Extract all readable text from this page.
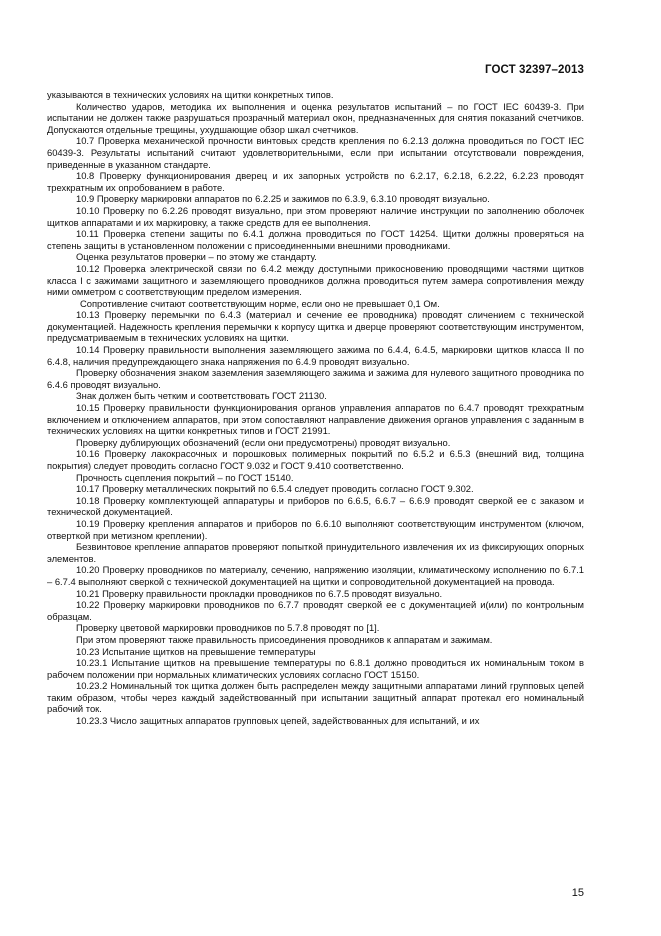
ГОСТ 32397–2013

указываются в технических условиях на щитки конкретных типов.

Количество ударов, методика их выполнения и оценка результатов испытаний – по ГОСТ IEC 60439-3. При испытании не должен также разрушаться прозрачный материал окон, предназначенных для снятия показаний счетчиков. Допускаются отдельные трещины, ухудшающие обзор шкал счетчиков.

10.7 Проверка механической прочности винтовых средств крепления по 6.2.13 должна проводиться по ГОСТ IEC 60439-3. Результаты испытаний считают удовлетворительными, если при испытании отсутствовали повреждения, приведенные в указанном стандарте.

10.8 Проверку функционирования дверец и их запорных устройств по 6.2.17, 6.2.18, 6.2.22, 6.2.23 проводят трехкратным их опробованием в работе.

10.9 Проверку маркировки аппаратов по 6.2.25 и зажимов по 6.3.9, 6.3.10 проводят визуально.

10.10 Проверку по 6.2.26 проводят визуально, при этом проверяют наличие инструкции по заполнению оболочек щитков аппаратами и их маркировку, а также средств для ее выполнения.

10.11 Проверка степени защиты по 6.4.1 должна проводиться по ГОСТ 14254. Щитки должны проверяться на степень защиты в установленном положении с присоединенными внешними проводниками.

Оценка результатов проверки – по этому же стандарту.

10.12 Проверка электрической связи по 6.4.2 между доступными прикосновению проводящими частями щитков класса I с зажимами защитного и заземляющего проводников должна проводиться путем замера сопротивления между ними омметром с соответствующим пределом измерения.

Сопротивление считают соответствующим норме, если оно не превышает 0,1 Ом.

10.13 Проверку перемычки по 6.4.3 (материал и сечение ее проводника) проводят сличением с технической документацией. Надежность крепления перемычки к корпусу щитка и дверце проверяют соответствующим инструментом, предусматриваемым в технических условиях на щитки.

10.14 Проверку правильности выполнения заземляющего зажима по 6.4.4, 6.4.5, маркировки щитков класса II по 6.4.8, наличия предупреждающего знака напряжения по 6.4.9 проводят визуально.

Проверку обозначения знаком заземления заземляющего зажима и зажима для нулевого защитного проводника по 6.4.6 проводят визуально.

Знак должен быть четким и соответствовать ГОСТ 21130.

10.15 Проверку правильности функционирования органов управления аппаратов по 6.4.7 проводят трехкратным включением и отключением аппаратов, при этом сопоставляют направление движения органов управления с заданным в технических условиях на щитки конкретных типов и ГОСТ 21991.

Проверку дублирующих обозначений (если они предусмотрены) проводят визуально.

10.16 Проверку лакокрасочных и порошковых полимерных покрытий по 6.5.2 и 6.5.3 (внешний вид, толщина покрытия) следует проводить согласно ГОСТ 9.032 и ГОСТ 9.410 соответственно.

Прочность сцепления покрытий – по ГОСТ 15140.

10.17 Проверку металлических покрытий по 6.5.4 следует проводить согласно ГОСТ 9.302.

10.18 Проверку комплектующей аппаратуры и приборов по 6.6.5, 6.6.7 – 6.6.9 проводят сверкой ее с заказом и технической документацией.

10.19 Проверку крепления аппаратов и приборов по 6.6.10 выполняют соответствующим инструментом (ключом, отверткой при метизном креплении).

Безвинтовое крепление аппаратов проверяют попыткой принудительного извлечения их из фиксирующих опорных элементов.

10.20 Проверку проводников по материалу, сечению, напряжению изоляции, климатическому исполнению по 6.7.1 – 6.7.4 выполняют сверкой с технической документацией на щитки и сопроводительной документацией на провода.

10.21 Проверку правильности прокладки проводников по 6.7.5 проводят визуально.

10.22 Проверку маркировки проводников по 6.7.7 проводят сверкой ее с документацией и(или) по контрольным образцам.

Проверку цветовой маркировки проводников по 5.7.8 проводят по [1].

При этом проверяют также правильность присоединения проводников к аппаратам и зажимам.

10.23 Испытание щитков на превышение температуры

10.23.1 Испытание щитков на превышение температуры по 6.8.1 должно проводиться их номинальным током в рабочем положении при нормальных климатических условиях согласно ГОСТ 15150.

10.23.2 Номинальный ток щитка должен быть распределен между защитными аппаратами линий групповых цепей таким образом, чтобы через каждый задействованный при испытании защитный аппарат протекал его номинальный рабочий ток.

10.23.3 Число защитных аппаратов групповых цепей, задействованных для испытаний, и их

15
